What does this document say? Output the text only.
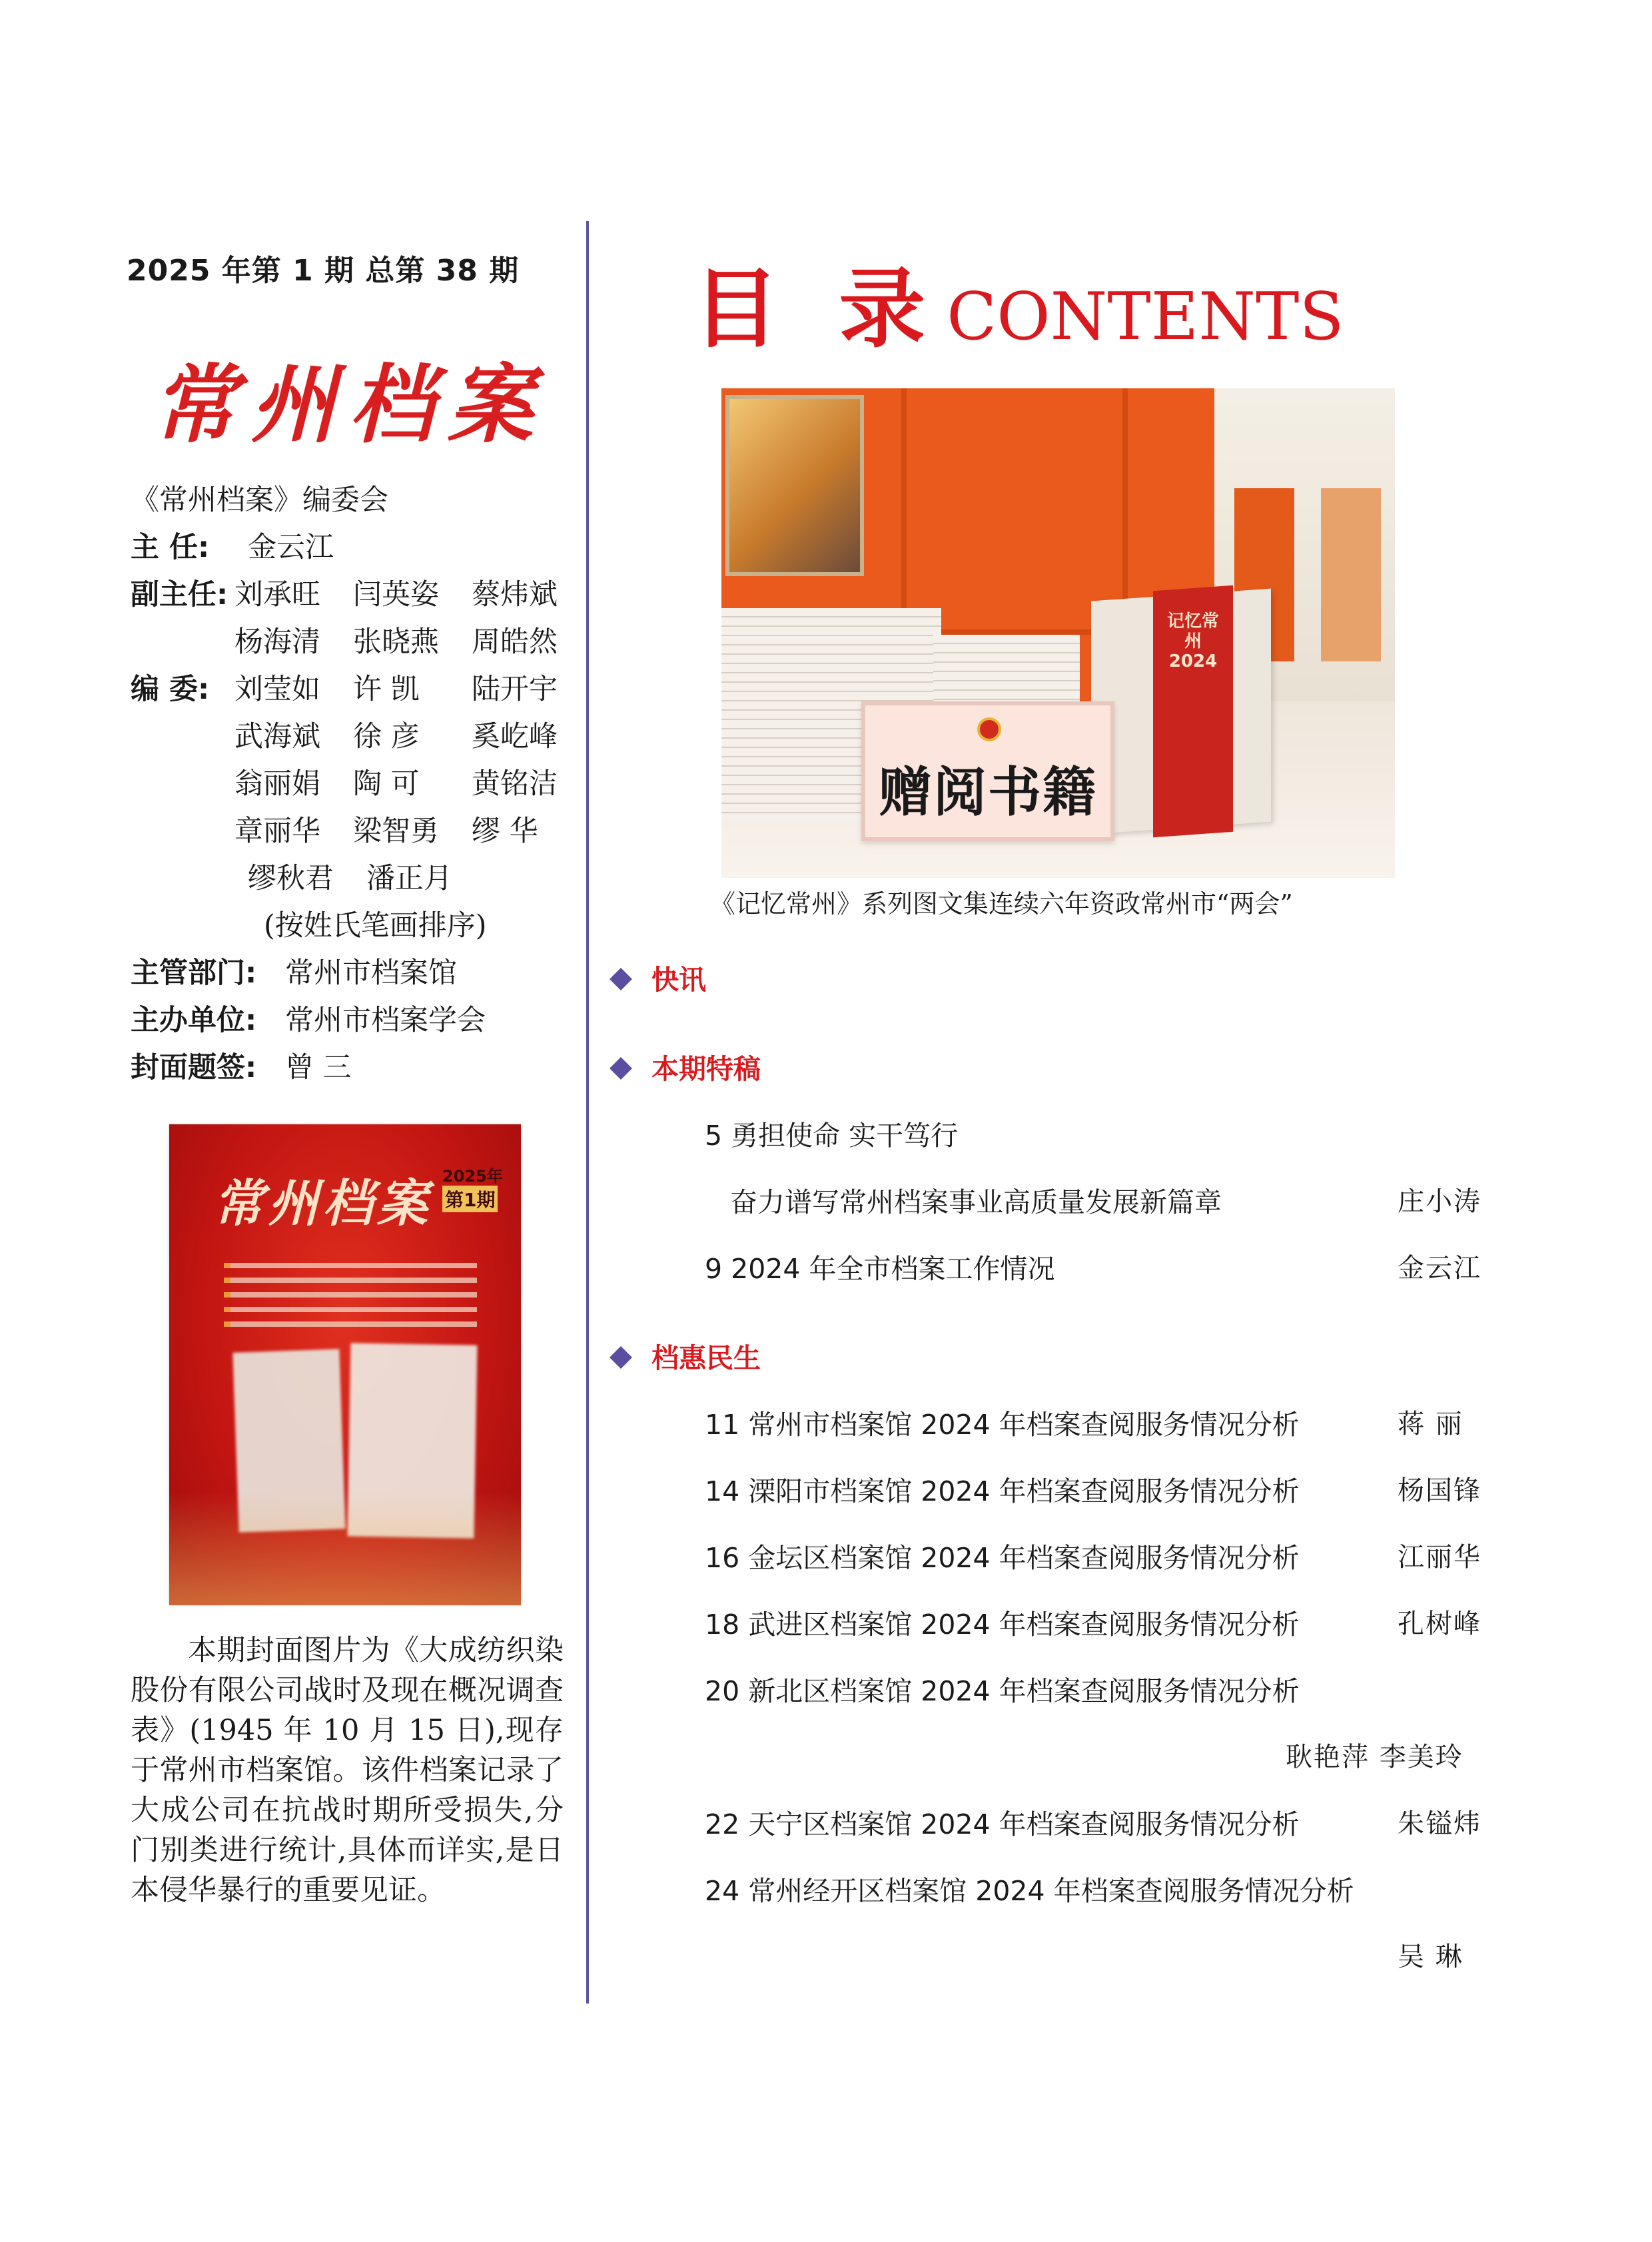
2025 年第 1 期 总第 38 期
常州档案
《常州档案》编委会
主 任:	金云江
副主任: 刘承旺	闫英姿	蔡炜斌
杨海清	张晓燕	周皓然
编 委: 刘莹如	许 凯	陆开宇
武海斌	徐 彦	奚屹峰
翁丽娟	陶 可	黄铭洁
章丽华	梁智勇	缪 华
缪秋君	潘正月
(按姓氏笔画排序)
主管部门: 常州市档案馆
主办单位: 常州市档案学会
封面题签: 曾 三
常州档案 2025年
第1期
本期封面图片为《大成纺织染股份有限公司战时及现在概况调查表》(1945 年 10 月 15 日),现存于常州市档案馆。该件档案记录了大成公司在抗战时期所受损失,分门别类进行统计,具体而详实,是日本侵华暴行的重要见证。
目 录 CONTENTS
记忆常州 2024
赠阅书籍
《记忆常州》系列图文集连续六年资政常州市“两会”
快讯
本期特稿
5 勇担使命 实干笃行
奋力谱写常州档案事业高质量发展新篇章	庄小涛
9 2024 年全市档案工作情况	金云江
档惠民生
11 常州市档案馆 2024 年档案查阅服务情况分析	蒋 丽
14 溧阳市档案馆 2024 年档案查阅服务情况分析	杨国锋
16 金坛区档案馆 2024 年档案查阅服务情况分析	江丽华
18 武进区档案馆 2024 年档案查阅服务情况分析	孔树峰
20 新北区档案馆 2024 年档案查阅服务情况分析
耿艳萍 李美玲
22 天宁区档案馆 2024 年档案查阅服务情况分析	朱镒炜
24 常州经开区档案馆 2024 年档案查阅服务情况分析
吴 琳
